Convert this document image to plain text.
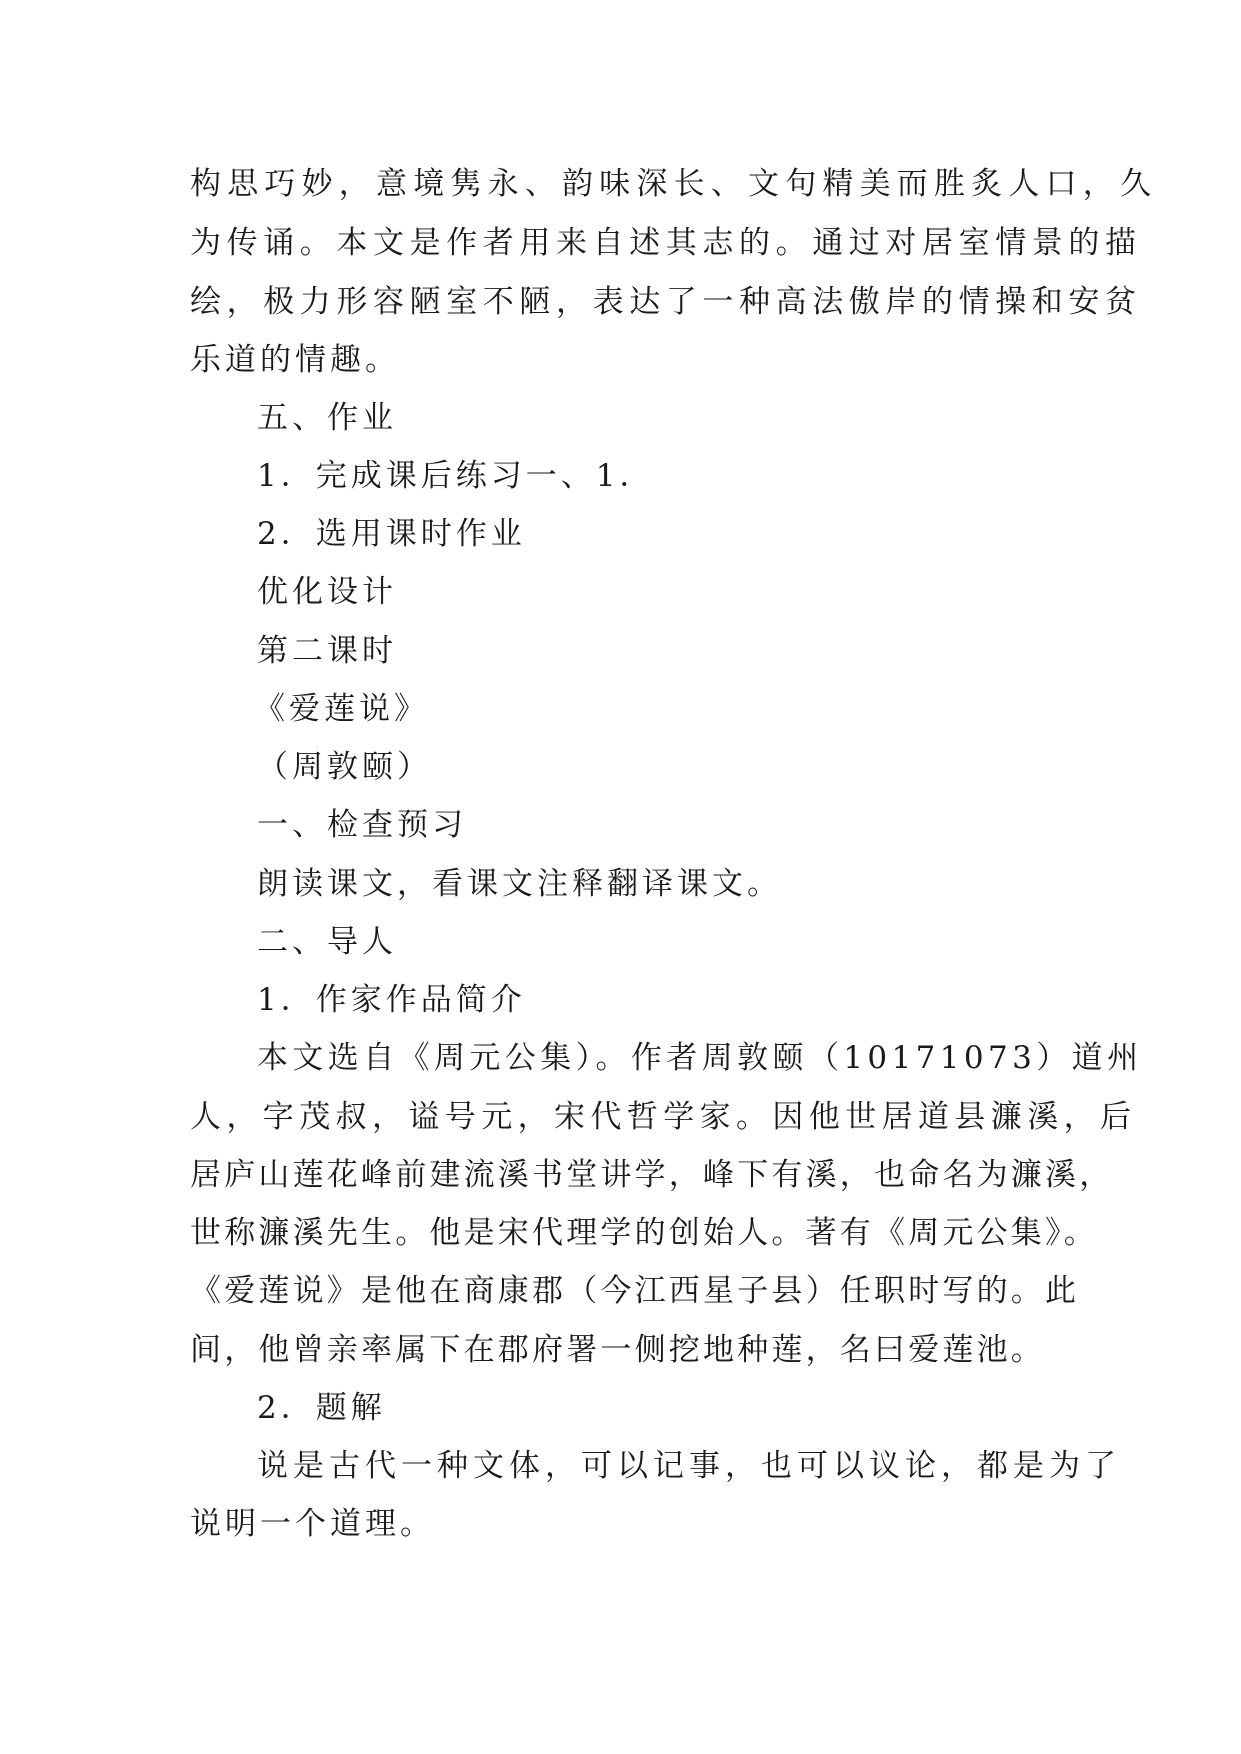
构思巧妙，意境隽永、韵味深长、文句精美而胜炙人口，久
为传诵。本文是作者用来自述其志的。通过对居室情景的描
绘，极力形容陋室不陋，表达了一种高法傲岸的情操和安贫
乐道的情趣。
五、作业
1．完成课后练习一、1．
2．选用课时作业
优化设计
第二课时
《爱莲说》
（周敦颐）
一、检查预习
朗读课文，看课文注释翻译课文。
二、导人
1．作家作品简介
本文选自《周元公集）。作者周敦颐（10171073）道州
人，字茂叔，谥号元，宋代哲学家。因他世居道县濂溪，后
居庐山莲花峰前建流溪书堂讲学，峰下有溪，也命名为濂溪，
世称濂溪先生。他是宋代理学的创始人。著有《周元公集》。
《爱莲说》是他在商康郡（今江西星子县）任职时写的。此
间，他曾亲率属下在郡府署一侧挖地种莲，名曰爱莲池。
2．题解
说是古代一种文体，可以记事，也可以议论，都是为了
说明一个道理。
